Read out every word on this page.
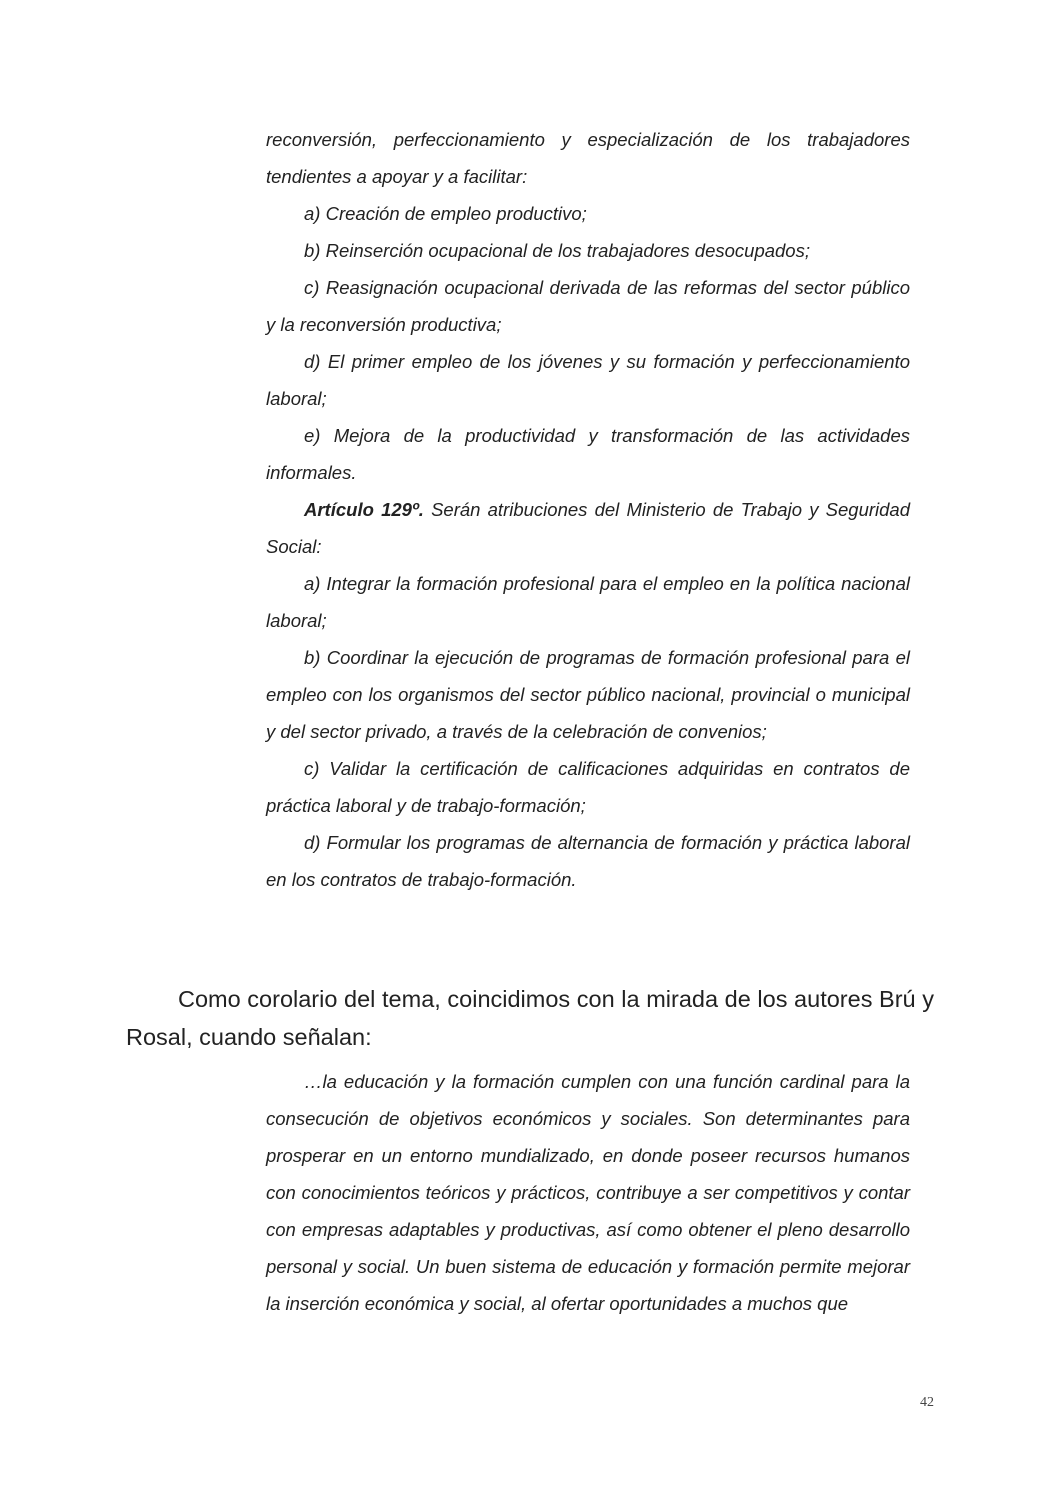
reconversión, perfeccionamiento y especialización de los trabajadores tendientes a apoyar y a facilitar:

a) Creación de empleo productivo;

b) Reinserción ocupacional de los trabajadores desocupados;

c) Reasignación ocupacional derivada de las reformas del sector público y la reconversión productiva;

d) El primer empleo de los jóvenes y su formación y perfeccionamiento laboral;

e) Mejora de la productividad y transformación de las actividades informales.

Artículo 129º. Serán atribuciones del Ministerio de Trabajo y Seguridad Social:

a) Integrar la formación profesional para el empleo en la política nacional laboral;

b) Coordinar la ejecución de programas de formación profesional para el empleo con los organismos del sector público nacional, provincial o municipal y del sector privado, a través de la celebración de convenios;

c) Validar la certificación de calificaciones adquiridas en contratos de práctica laboral y de trabajo-formación;

d) Formular los programas de alternancia de formación y práctica laboral en los contratos de trabajo-formación.

Como corolario del tema, coincidimos con la mirada de los autores Brú y Rosal, cuando señalan:

…la educación y la formación cumplen con una función cardinal para la consecución de objetivos económicos y sociales. Son determinantes para prosperar en un entorno mundializado, en donde poseer recursos humanos con conocimientos teóricos y prácticos, contribuye a ser competitivos y contar con empresas adaptables y productivas, así como obtener el pleno desarrollo personal y social. Un buen sistema de educación y formación permite mejorar la inserción económica y social, al ofertar oportunidades a muchos que

42
